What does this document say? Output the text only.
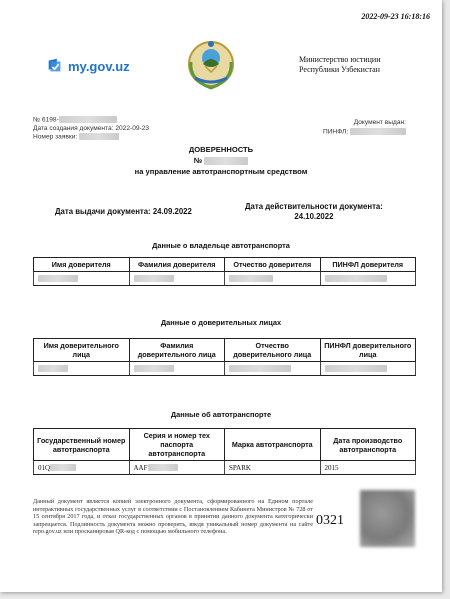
2022-09-23 16:18:16
my.gov.uz	Министерство юстиции
Республики Узбекистан
№ 6198-
Дата создания документа: 2022-09-23
Номер заявки:
Документ выдан:
ПИНФЛ:
ДОВЕРЕННОСТЬ
№
на управление автотранспортным средством
Дата выдачи документа: 24.09.2022
Дата действительности документа:
24.10.2022
Данные о владельце автотранспорта
Имя доверителя	Фамилия доверителя	Отчество доверителя	ПИНФЛ доверителя

Данные о доверительных лицах
Имя доверительного лица	Фамилия доверительного лица	Отчество доверительного лица	ПИНФЛ доверительного лица

Данные об автотранспорте
Государственный номер автотранспорта	Серия и номер тех паспорта автотранспорта	Марка автотранспорта	Дата производство автотранспорта
01Q	AAF	SPARK	2015
Данный документ является копией электронного документа, сформированного на Едином портале интерактивных государственных услуг в соответствии с Постановлением Кабинета Министров № 728 от 15 сентября 2017 года, и отказ государственных органов в принятии данного документа категорически запрещается. Подлинность документа можно проверить, введя уникальный номер документа на сайте repo.gov.uz или просканировав QR-код с помощью мобильного телефона.
0321
